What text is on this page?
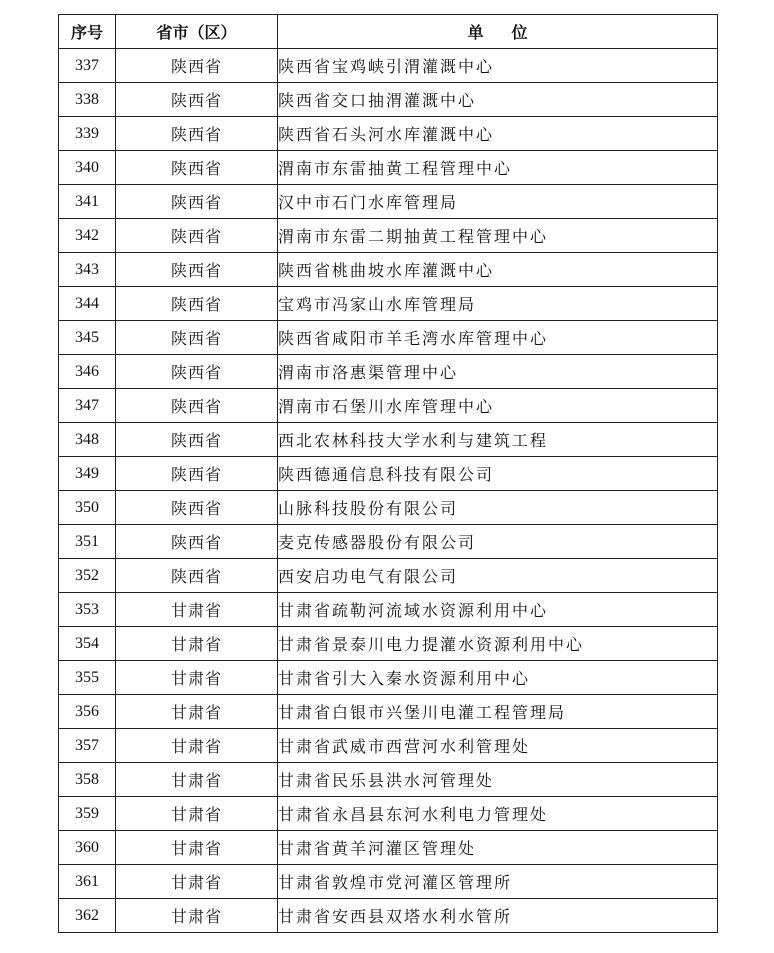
序号	省市（区）	单位
337	陕西省	陕西省宝鸡峡引渭灌溉中心
338	陕西省	陕西省交口抽渭灌溉中心
339	陕西省	陕西省石头河水库灌溉中心
340	陕西省	渭南市东雷抽黄工程管理中心
341	陕西省	汉中市石门水库管理局
342	陕西省	渭南市东雷二期抽黄工程管理中心
343	陕西省	陕西省桃曲坡水库灌溉中心
344	陕西省	宝鸡市冯家山水库管理局
345	陕西省	陕西省咸阳市羊毛湾水库管理中心
346	陕西省	渭南市洛惠渠管理中心
347	陕西省	渭南市石堡川水库管理中心
348	陕西省	西北农林科技大学水利与建筑工程
349	陕西省	陕西德通信息科技有限公司
350	陕西省	山脉科技股份有限公司
351	陕西省	麦克传感器股份有限公司
352	陕西省	西安启功电气有限公司
353	甘肃省	甘肃省疏勒河流域水资源利用中心
354	甘肃省	甘肃省景泰川电力提灌水资源利用中心
355	甘肃省	甘肃省引大入秦水资源利用中心
356	甘肃省	甘肃省白银市兴堡川电灌工程管理局
357	甘肃省	甘肃省武威市西营河水利管理处
358	甘肃省	甘肃省民乐县洪水河管理处
359	甘肃省	甘肃省永昌县东河水利电力管理处
360	甘肃省	甘肃省黄羊河灌区管理处
361	甘肃省	甘肃省敦煌市党河灌区管理所
362	甘肃省	甘肃省安西县双塔水利水管所
